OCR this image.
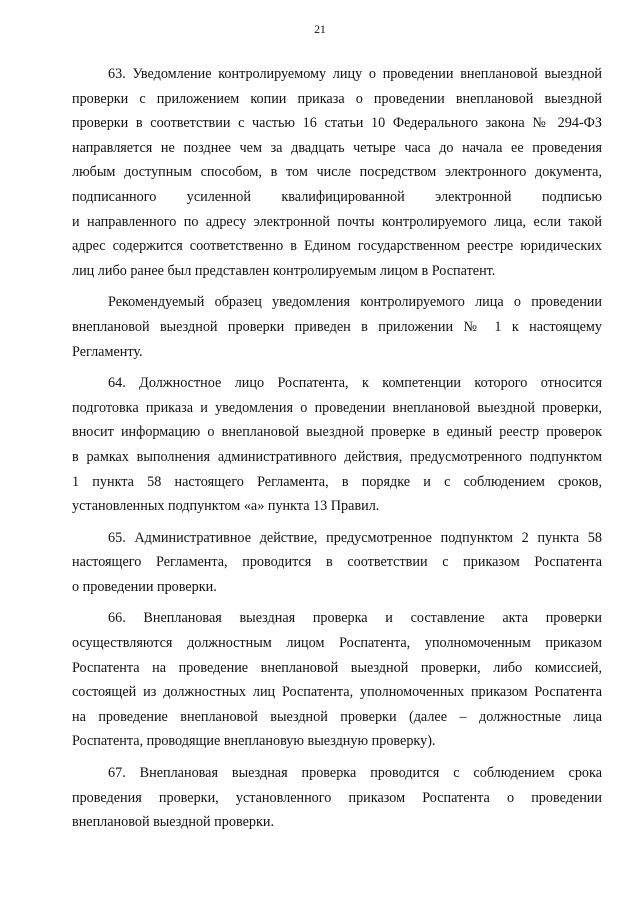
21

63. Уведомление контролируемому лицу о проведении внеплановой выездной
проверки с приложением копии приказа о проведении внеплановой выездной
проверки в соответствии с частью 16 статьи 10 Федерального закона № 294-ФЗ
направляется не позднее чем за двадцать четыре часа до начала ее проведения
любым доступным способом, в том числе посредством электронного документа,
подписанного усиленной квалифицированной электронной подписью
и направленного по адресу электронной почты контролируемого лица, если такой
адрес содержится соответственно в Едином государственном реестре юридических
лиц либо ранее был представлен контролируемым лицом в Роспатент.

Рекомендуемый образец уведомления контролируемого лица о проведении
внеплановой выездной проверки приведен в приложении № 1 к настоящему
Регламенту.

64. Должностное лицо Роспатента, к компетенции которого относится
подготовка приказа и уведомления о проведении внеплановой выездной проверки,
вносит информацию о внеплановой выездной проверке в единый реестр проверок
в рамках выполнения административного действия, предусмотренного подпунктом
1 пункта 58 настоящего Регламента, в порядке и с соблюдением сроков,
установленных подпунктом «а» пункта 13 Правил.

65. Административное действие, предусмотренное подпунктом 2 пункта 58
настоящего Регламента, проводится в соответствии с приказом Роспатента
о проведении проверки.

66. Внеплановая выездная проверка и составление акта проверки
осуществляются должностным лицом Роспатента, уполномоченным приказом
Роспатента на проведение внеплановой выездной проверки, либо комиссией,
состоящей из должностных лиц Роспатента, уполномоченных приказом Роспатента
на проведение внеплановой выездной проверки (далее – должностные лица
Роспатента, проводящие внеплановую выездную проверку).

67. Внеплановая выездная проверка проводится с соблюдением срока
проведения проверки, установленного приказом Роспатента о проведении
внеплановой выездной проверки.
